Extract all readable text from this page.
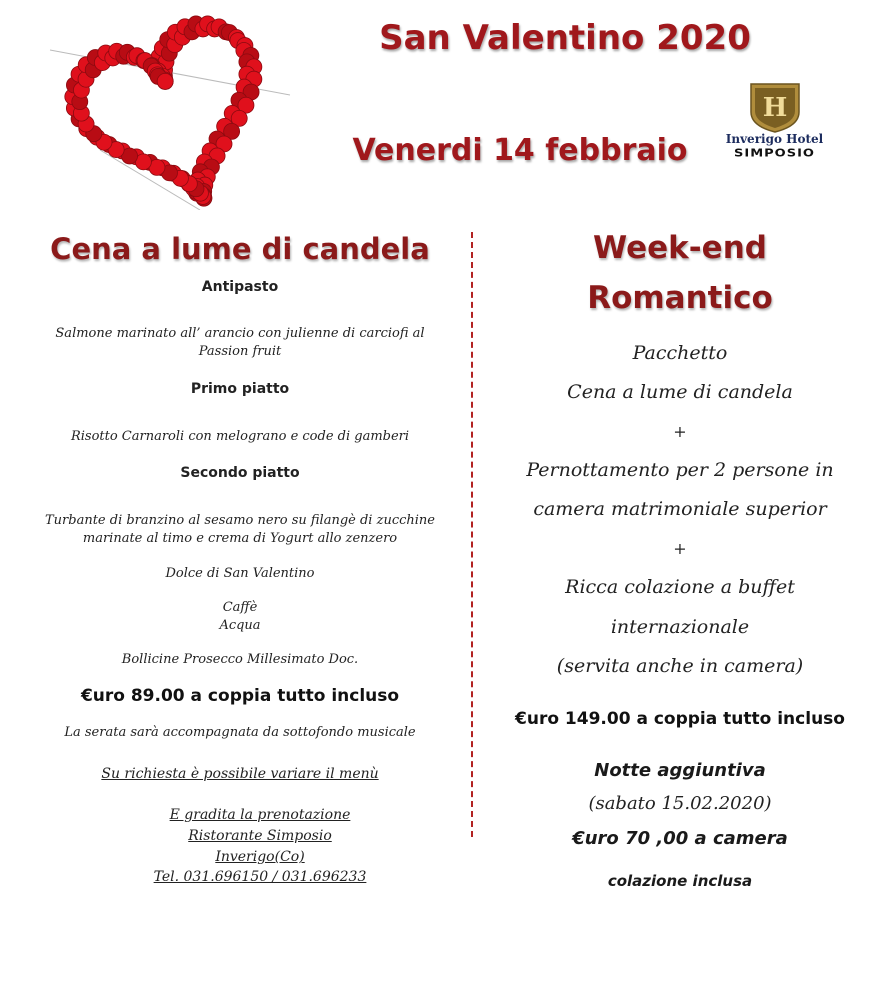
San Valentino 2020
Venerdi 14 febbraio
H
Inverigo Hotel
SIMPOSIO
Cena a lume di candela
Antipasto
Salmone marinato all’ arancio con julienne di carciofi al
Passion fruit
Primo piatto
Risotto Carnaroli con melograno e code di gamberi
Secondo piatto
Turbante di branzino al sesamo nero su filangè di zucchine
marinate al timo e crema di Yogurt allo zenzero
Dolce di San Valentino
Caffè
Acqua
Bollicine Prosecco Millesimato Doc.
€uro 89.00 a coppia tutto incluso
La serata sarà accompagnata da sottofondo musicale
Su richiesta è possibile variare il menù
E gradita la prenotazione
Ristorante Simposio
Inverigo(Co)
Tel. 031.696150 / 031.696233
Week-end
Romantico
Pacchetto
Cena a lume di candela
+
Pernottamento per 2 persone in
camera matrimoniale superior
+
Ricca colazione a buffet
internazionale
(servita anche in camera)
€uro 149.00 a coppia tutto incluso
Notte aggiuntiva
(sabato 15.02.2020)
€uro 70 ,00 a camera
colazione inclusa
